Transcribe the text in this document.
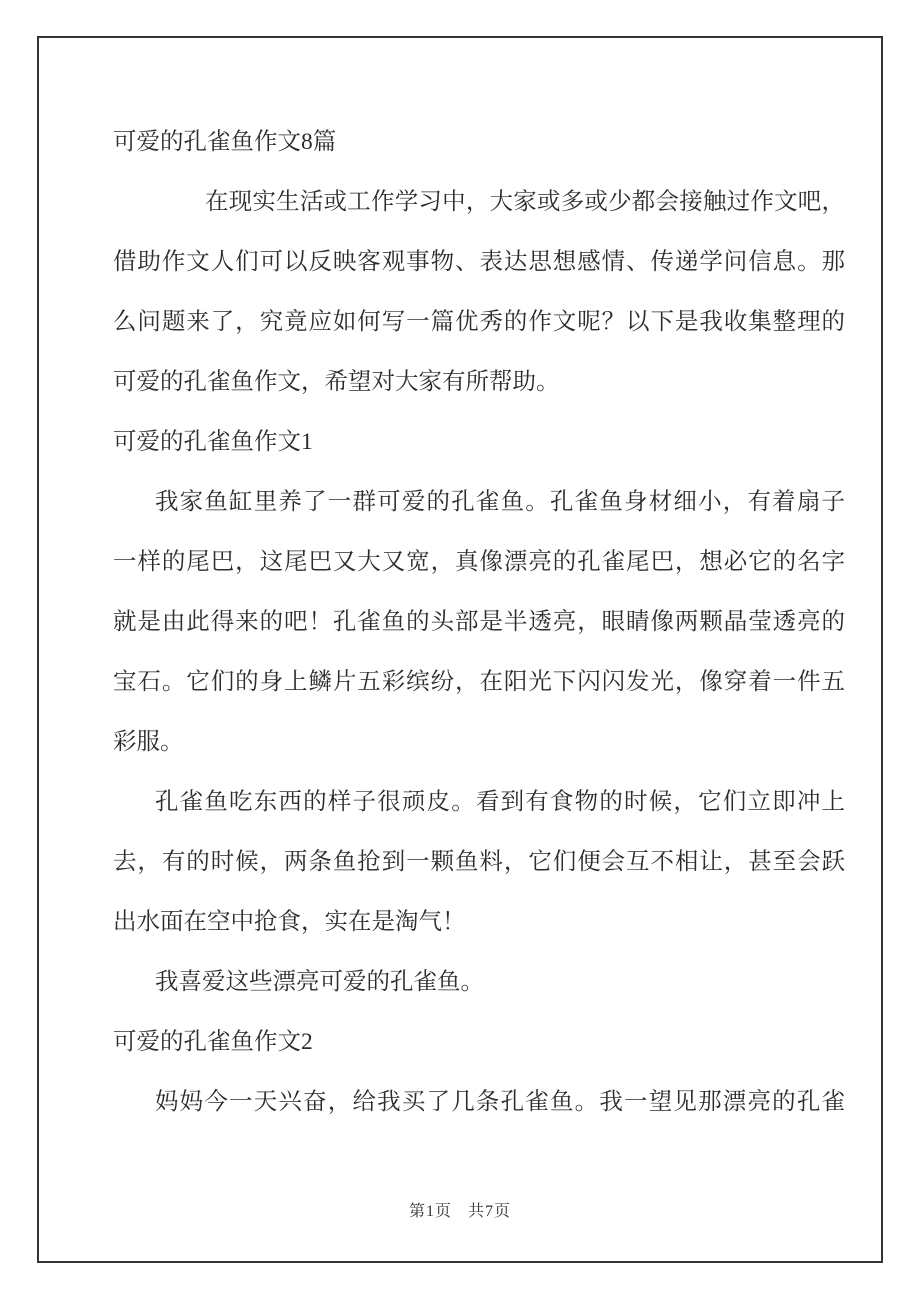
可爱的孔雀鱼作文8篇
在现实生活或工作学习中，大家或多或少都会接触过作文吧，
借助作文人们可以反映客观事物、表达思想感情、传递学问信息。那
么问题来了，究竟应如何写一篇优秀的作文呢？以下是我收集整理的
可爱的孔雀鱼作文，希望对大家有所帮助。
可爱的孔雀鱼作文1
我家鱼缸里养了一群可爱的孔雀鱼。孔雀鱼身材细小，有着扇子
一样的尾巴，这尾巴又大又宽，真像漂亮的孔雀尾巴，想必它的名字
就是由此得来的吧！孔雀鱼的头部是半透亮，眼睛像两颗晶莹透亮的
宝石。它们的身上鳞片五彩缤纷，在阳光下闪闪发光，像穿着一件五
彩服。
孔雀鱼吃东西的样子很顽皮。看到有食物的时候，它们立即冲上
去，有的时候，两条鱼抢到一颗鱼料，它们便会互不相让，甚至会跃
出水面在空中抢食，实在是淘气！
我喜爱这些漂亮可爱的孔雀鱼。
可爱的孔雀鱼作文2
妈妈今一天兴奋，给我买了几条孔雀鱼。我一望见那漂亮的孔雀
第1页 共7页
